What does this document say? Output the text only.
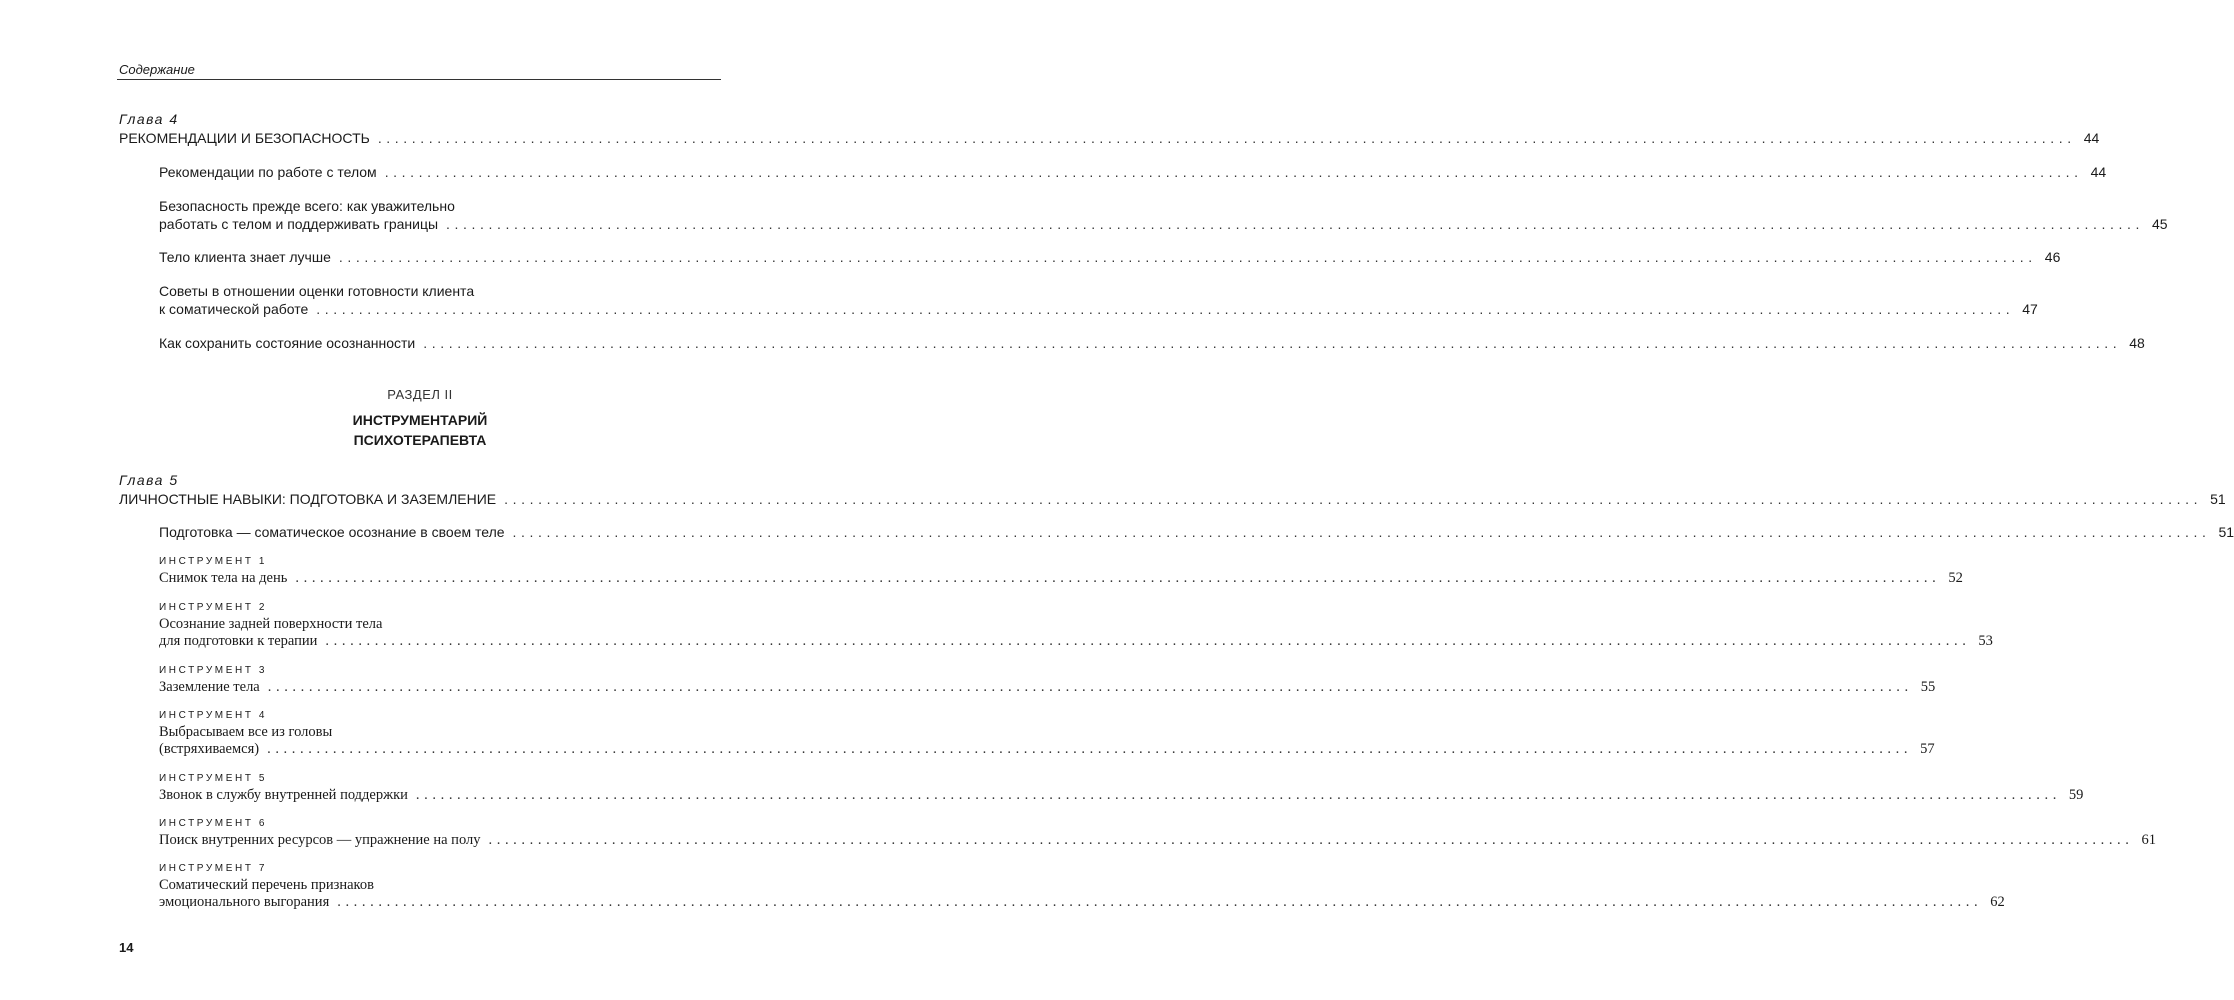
Содержание
Глава 4
РЕКОМЕНДАЦИИ И БЕЗОПАСНОСТЬ ........................................................................................................................................................................................................ 44
Рекомендации по работе с телом ........................................................................................................................................................................................................ 44
Безопасность прежде всего: как уважительно
работать с телом и поддерживать границы ........................................................................................................................................................................................................ 45
Тело клиента знает лучше ........................................................................................................................................................................................................ 46
Советы в отношении оценки готовности клиента
к соматической работе ........................................................................................................................................................................................................ 47
Как сохранить состояние осознанности ........................................................................................................................................................................................................ 48
РАЗДЕЛ II
ИНСТРУМЕНТАРИЙ
ПСИХОТЕРАПЕВТА
Глава 5
ЛИЧНОСТНЫЕ НАВЫКИ: ПОДГОТОВКА И ЗАЗЕМЛЕНИЕ ........................................................................................................................................................................................................ 51
Подготовка — соматическое осознание в своем теле ........................................................................................................................................................................................................ 51
ИНСТРУМЕНТ 1
Снимок тела на день ........................................................................................................................................................................................................ 52
ИНСТРУМЕНТ 2
Осознание задней поверхности тела
для подготовки к терапии ........................................................................................................................................................................................................ 53
ИНСТРУМЕНТ 3
Заземление тела ........................................................................................................................................................................................................ 55
ИНСТРУМЕНТ 4
Выбрасываем все из головы
(встряхиваемся) ........................................................................................................................................................................................................ 57
ИНСТРУМЕНТ 5
Звонок в службу внутренней поддержки ........................................................................................................................................................................................................ 59
ИНСТРУМЕНТ 6
Поиск внутренних ресурсов — упражнение на полу ........................................................................................................................................................................................................ 61
ИНСТРУМЕНТ 7
Соматический перечень признаков
эмоционального выгорания ........................................................................................................................................................................................................ 62
14
